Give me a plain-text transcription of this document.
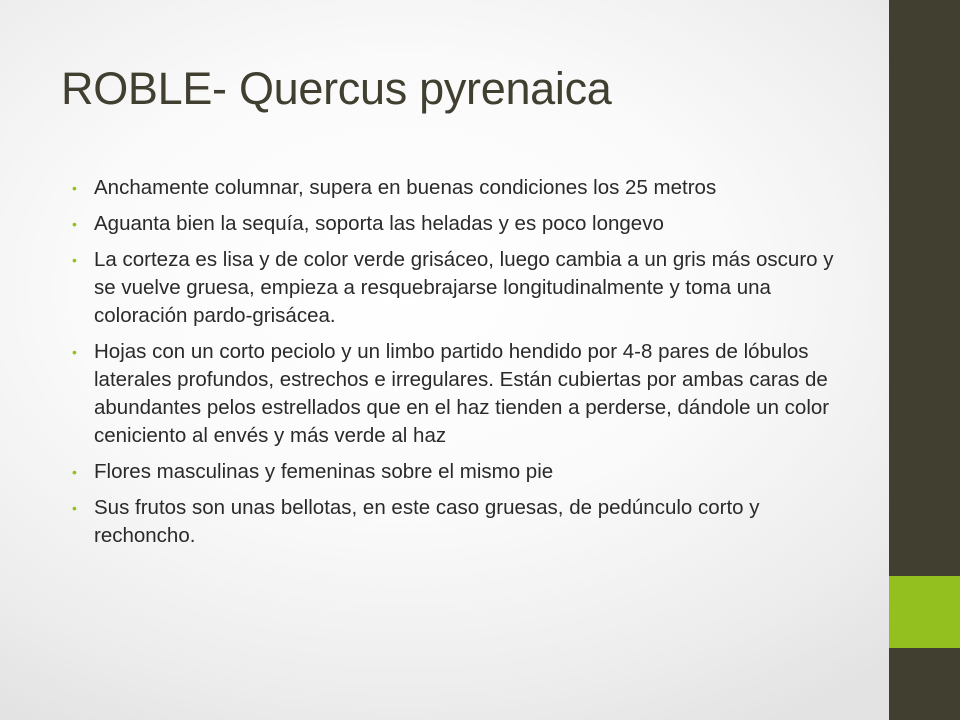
ROBLE- Quercus pyrenaica
• Anchamente columnar, supera en buenas condiciones los 25 metros
• Aguanta bien la sequía, soporta las heladas y es poco longevo
• La corteza es lisa y de color verde grisáceo, luego cambia a un gris más oscuro y se vuelve gruesa, empieza a resquebrajarse longitudinalmente y toma una coloración pardo-grisácea.
• Hojas con un corto peciolo y un limbo partido hendido por 4-8 pares de lóbulos laterales profundos, estrechos e irregulares. Están cubiertas por ambas caras de abundantes pelos estrellados que en el haz tienden a perderse, dándole un color ceniciento al envés y más verde al haz
• Flores masculinas y femeninas sobre el mismo pie
• Sus frutos son unas bellotas, en este caso gruesas, de pedúnculo corto y rechoncho.
